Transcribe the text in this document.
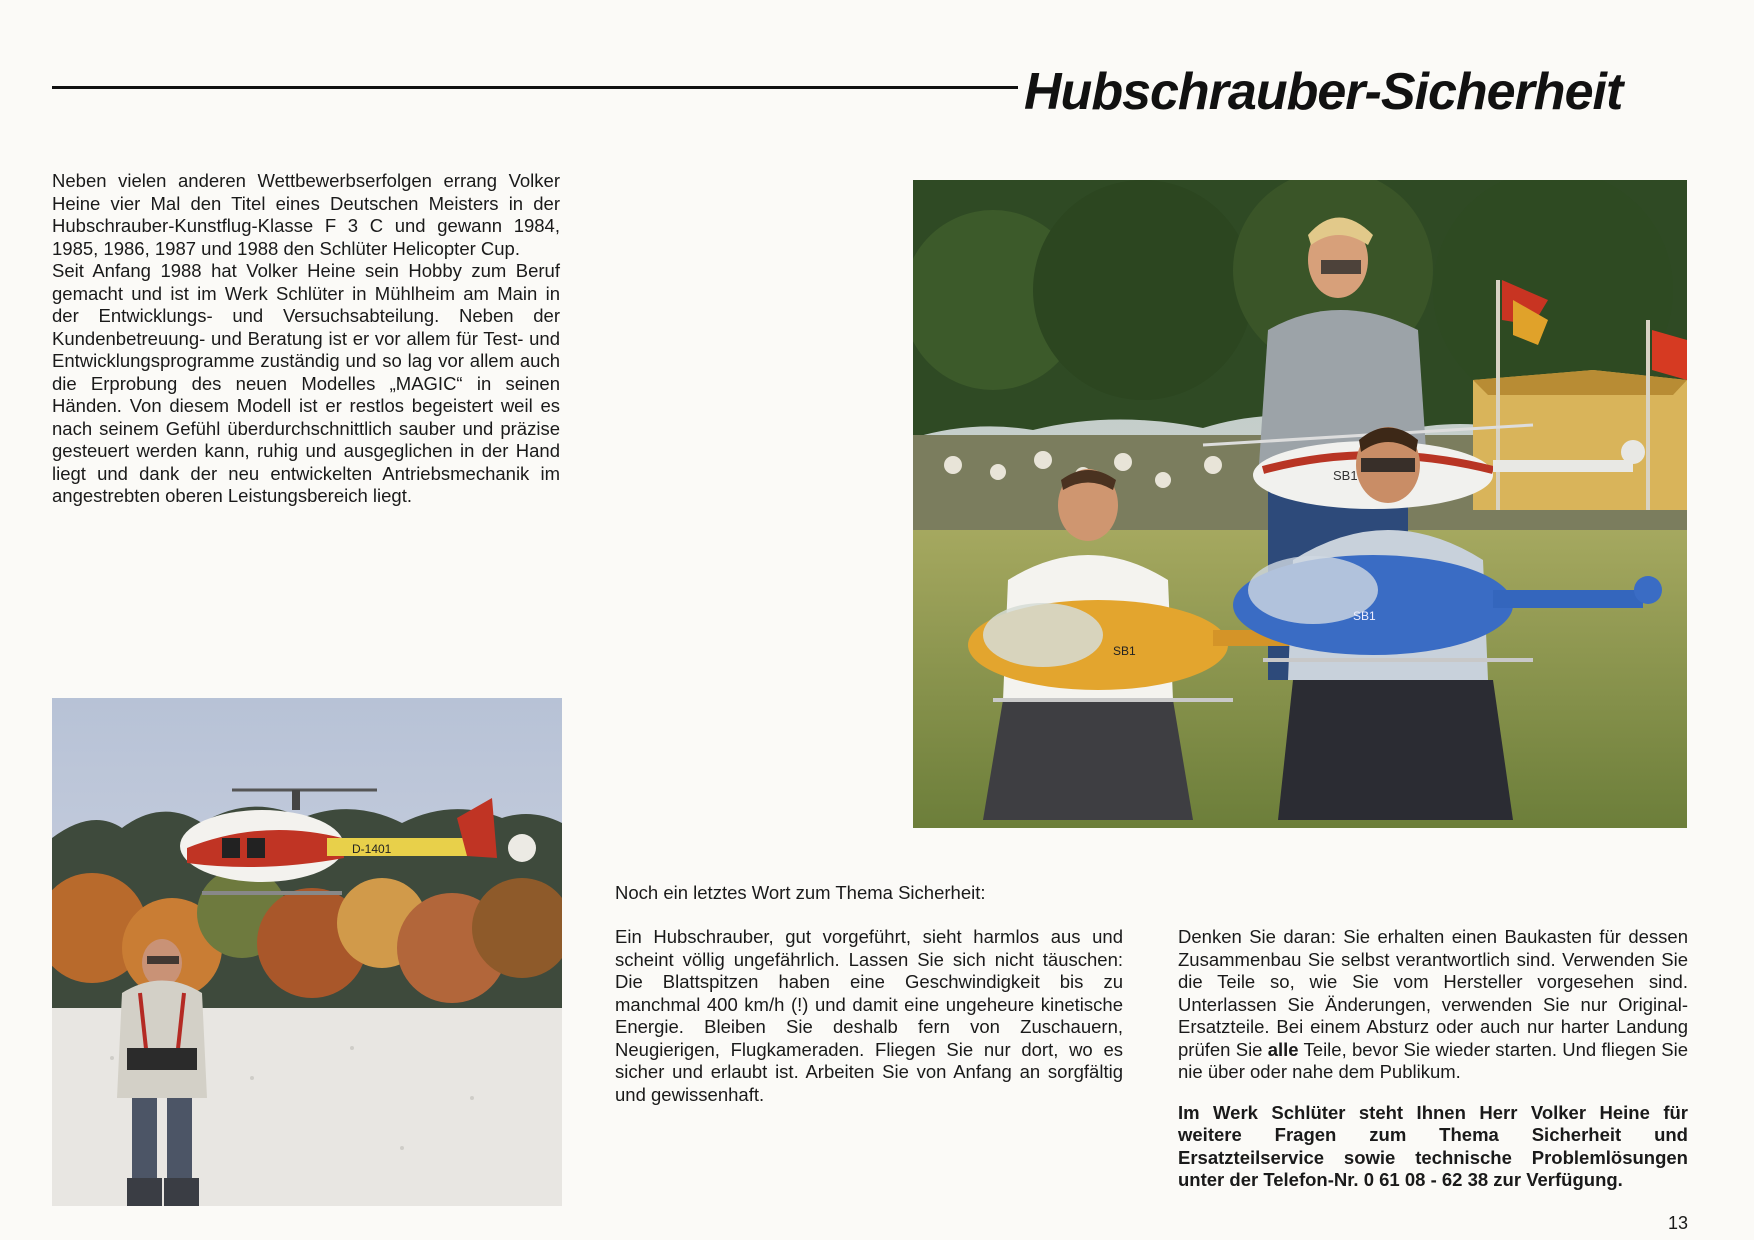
Hubschrauber-Sicherheit

Neben vielen anderen Wettbewerbserfolgen errang Volker Heine vier Mal den Titel eines Deutschen Meisters in der Hubschrauber-Kunstflug-Klasse F 3 C und gewann 1984, 1985, 1986, 1987 und 1988 den Schlüter Helicopter Cup.

Seit Anfang 1988 hat Volker Heine sein Hobby zum Beruf gemacht und ist im Werk Schlüter in Mühlheim am Main in der Entwicklungs- und Versuchsabteilung. Neben der Kundenbetreuung- und Beratung ist er vor allem für Test- und Entwicklungsprogramme zuständig und so lag vor allem auch die Erprobung des neuen Modelles „MAGIC“ in seinen Händen. Von diesem Modell ist er restlos begeistert weil es nach seinem Gefühl überdurchschnittlich sauber und präzise gesteuert werden kann, ruhig und ausgeglichen in der Hand liegt und dank der neu entwickelten Antriebsmechanik im angestrebten oberen Leistungsbereich liegt.

SB1
SB1
SB1
D-1401
Noch ein letztes Wort zum Thema Sicherheit:
Ein Hubschrauber, gut vorgeführt, sieht harmlos aus und scheint völlig ungefährlich. Lassen Sie sich nicht täuschen: Die Blattspitzen haben eine Geschwindigkeit bis zu manchmal 400 km/h (!) und damit eine ungeheure kinetische Energie. Bleiben Sie deshalb fern von Zuschauern, Neugierigen, Flugkameraden. Fliegen Sie nur dort, wo es sicher und erlaubt ist. Arbeiten Sie von Anfang an sorgfältig und gewissenhaft.

Denken Sie daran: Sie erhalten einen Baukasten für dessen Zusammenbau Sie selbst verantwortlich sind. Verwenden Sie die Teile so, wie Sie vom Hersteller vorgesehen sind. Unterlassen Sie Änderungen, verwenden Sie nur Original-Ersatzteile. Bei einem Absturz oder auch nur harter Landung prüfen Sie alle Teile, bevor Sie wieder starten. Und fliegen Sie nie über oder nahe dem Publikum.

Im Werk Schlüter steht Ihnen Herr Volker Heine für weitere Fragen zum Thema Sicherheit und Ersatzteilservice sowie technische Problemlösungen unter der Telefon-Nr. 0 61 08 - 62 38 zur Verfügung.

13
